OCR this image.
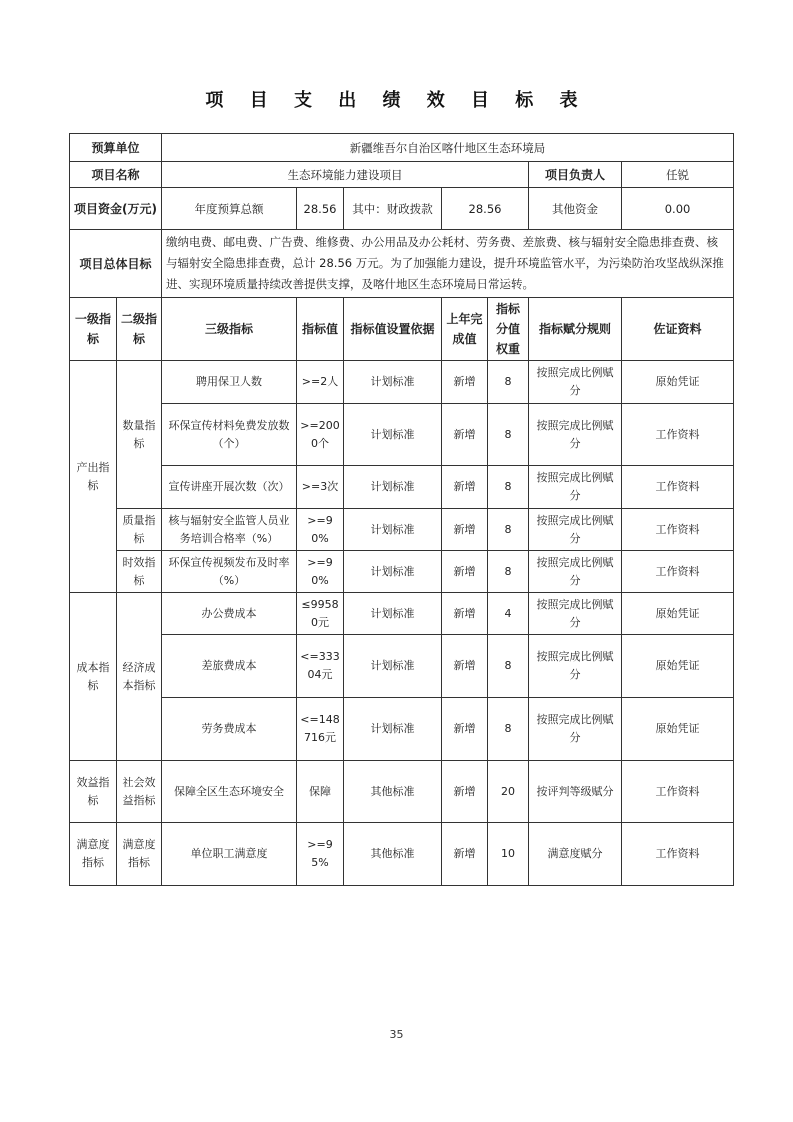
项 目 支 出 绩 效 目 标 表
预算单位		新疆维吾尔自治区喀什地区生态环境局						
项目名称		生态环境能力建设项目					项目负责人	任锐
项目资金(万元)		年度预算总额	28.56	其中：财政拨款	28.56		其他资金	0.00
项目总体目标		缴纳电费、邮电费、广告费、维修费、办公用品及办公耗材、劳务费、差旅费、核与辐射安全隐患排查费、核与辐射安全隐患排查费，总计 28.56 万元。为了加强能力建设，提升环境监管水平，为污染防治攻坚战纵深推进、实现环境质量持续改善提供支撑，及喀什地区生态环境局日常运转。						
一级指标	二级指标	三级指标	指标值	指标值设置依据	上年完成值	指标分值权重	指标赋分规则	佐证资料
产出指标	数量指标	聘用保卫人数	>=2人	计划标准	新增	8	按照完成比例赋分	原始凭证
		环保宣传材料免费发放数（个）	>=2000个	计划标准	新增	8	按照完成比例赋分	工作资料
		宣传讲座开展次数（次）	>=3次	计划标准	新增	8	按照完成比例赋分	工作资料
	质量指标	核与辐射安全监管人员业务培训合格率（%）	>=90%	计划标准	新增	8	按照完成比例赋分	工作资料
	时效指标	环保宣传视频发布及时率（%）	>=90%	计划标准	新增	8	按照完成比例赋分	工作资料
成本指标	经济成本指标	办公费成本	≤99580元	计划标准	新增	4	按照完成比例赋分	原始凭证
		差旅费成本	<=33304元	计划标准	新增	8	按照完成比例赋分	原始凭证
		劳务费成本	<=148716元	计划标准	新增	8	按照完成比例赋分	原始凭证
效益指标	社会效益指标	保障全区生态环境安全	保障	其他标准	新增	20	按评判等级赋分	工作资料
满意度指标	满意度指标	单位职工满意度	>=95%	其他标准	新增	10	满意度赋分	工作资料
35
